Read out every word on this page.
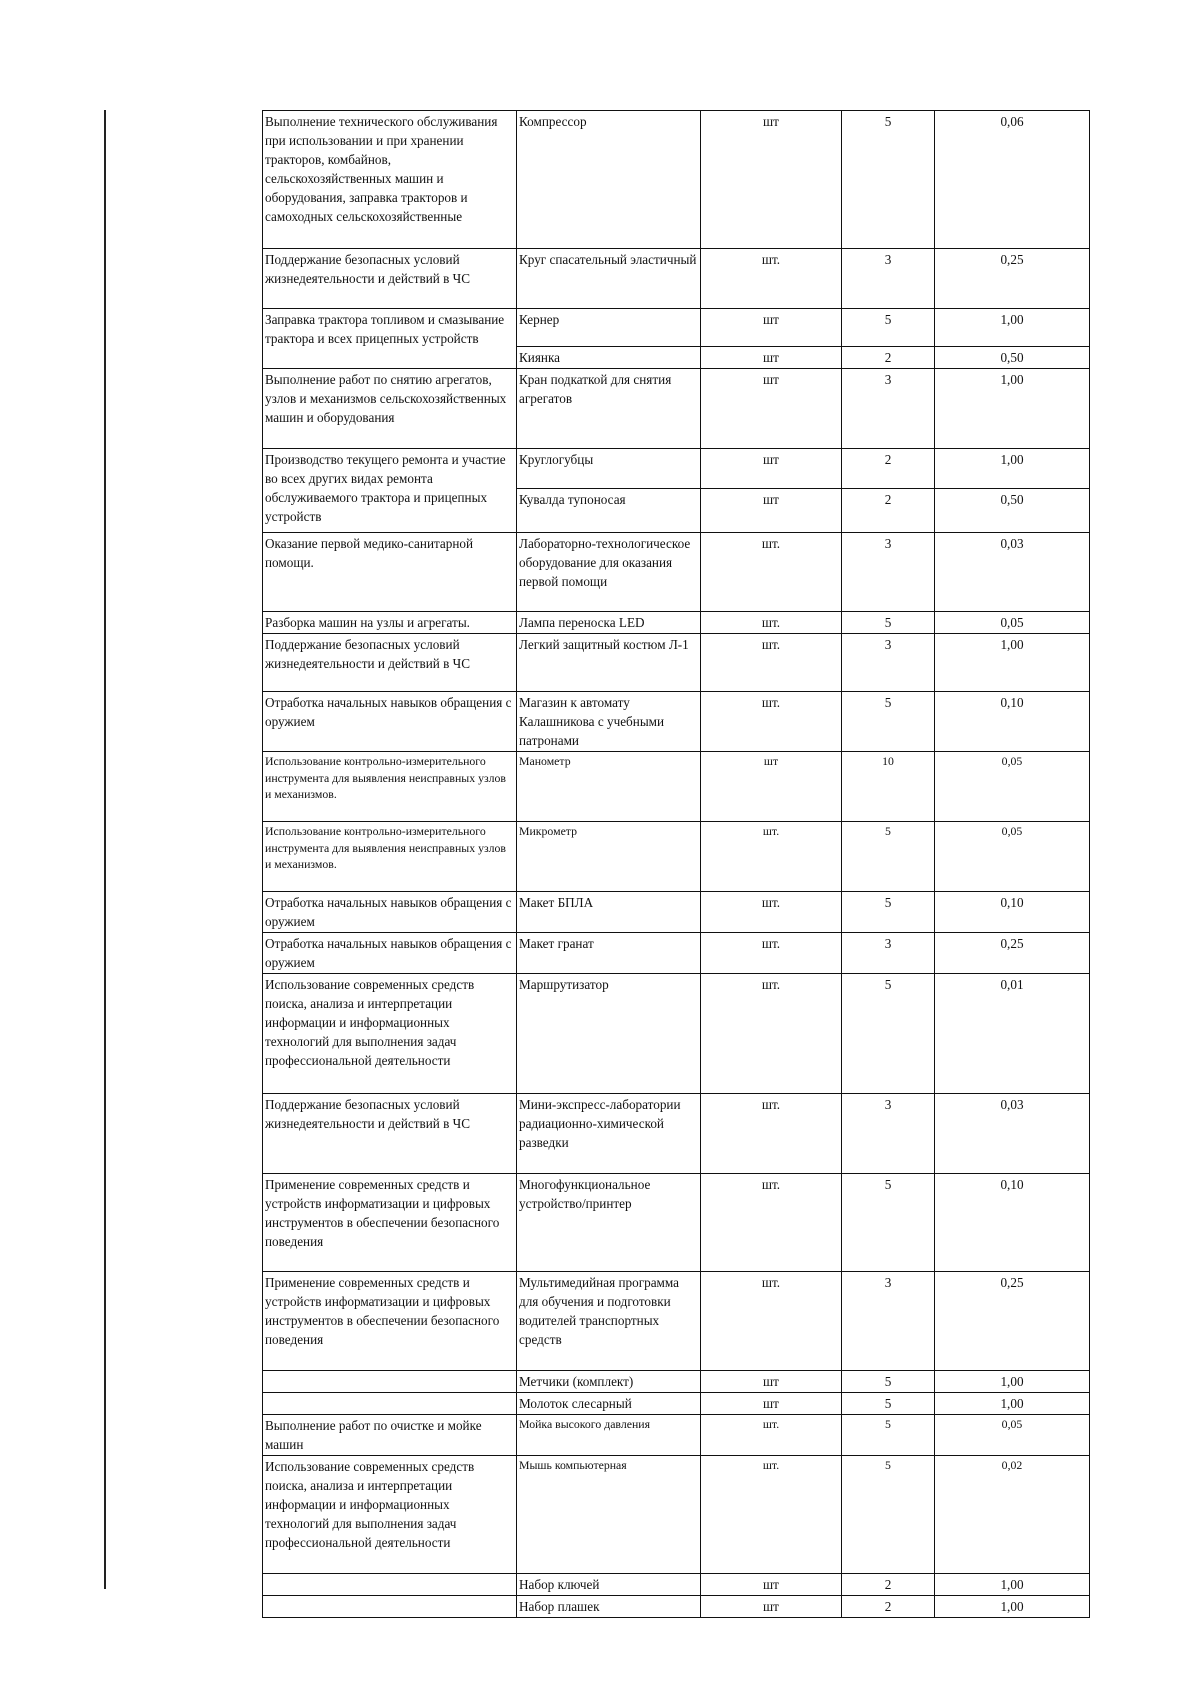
Выполнение технического обслуживания при использовании и при хранении тракторов, комбайнов, сельскохозяйственных машин и оборудования, заправка тракторов и самоходных сельскохозяйственные	Компрессор	шт	5	0,06
Поддержание безопасных условий жизнедеятельности и действий в ЧС	Круг спасательный эластичный	шт.	3	0,25
Заправка трактора топливом и смазывание трактора и всех прицепных устройств	Кернер	шт	5	1,00
	Киянка	шт	2	0,50
Выполнение работ по снятию агрегатов, узлов и механизмов сельскохозяйственных машин и оборудования	Кран подкаткой для снятия агрегатов	шт	3	1,00
Производство текущего ремонта и участие во всех других видах ремонта обслуживаемого трактора и прицепных устройств	Круглогубцы	шт	2	1,00
	Кувалда тупоносая	шт	2	0,50
Оказание первой медико-санитарной помощи.	Лабораторно-технологическое оборудование для оказания первой помощи	шт.	3	0,03
Разборка машин на узлы и агрегаты.	Лампа переноска LED	шт.	5	0,05
Поддержание безопасных условий жизнедеятельности и действий в ЧС	Легкий защитный костюм Л-1	шт.	3	1,00
Отработка начальных навыков обращения с оружием	Магазин к автомату Калашникова с учебными патронами	шт.	5	0,10
Использование контрольно-измерительного инструмента для выявления неисправных узлов и механизмов.	Манометр	шт	10	0,05
Использование контрольно-измерительного инструмента для выявления неисправных узлов и механизмов.	Микрометр	шт.	5	0,05
Отработка начальных навыков обращения с оружием	Макет БПЛА	шт.	5	0,10
Отработка начальных навыков обращения с оружием	Макет гранат	шт.	3	0,25
Использование современных средств поиска, анализа и интерпретации информации и информационных технологий для выполнения задач профессиональной деятельности	Маршрутизатор	шт.	5	0,01
Поддержание безопасных условий жизнедеятельности и действий в ЧС	Мини-экспресс-лаборатории радиационно-химической разведки	шт.	3	0,03
Применение современных средств и устройств информатизации и цифровых инструментов в обеспечении безопасного поведения	Многофункциональное устройство/принтер	шт.	5	0,10
Применение современных средств и устройств информатизации и цифровых инструментов в обеспечении безопасного поведения	Мультимедийная программа для обучения и подготовки водителей транспортных средств	шт.	3	0,25
	Метчики (комплект)	шт	5	1,00
	Молоток слесарный	шт	5	1,00
Выполнение работ по очистке и мойке машин	Мойка высокого давления	шт.	5	0,05
Использование современных средств поиска, анализа и интерпретации информации и информационных технологий для выполнения задач профессиональной деятельности	Мышь компьютерная	шт.	5	0,02
	Набор ключей	шт	2	1,00
	Набор плашек	шт	2	1,00
